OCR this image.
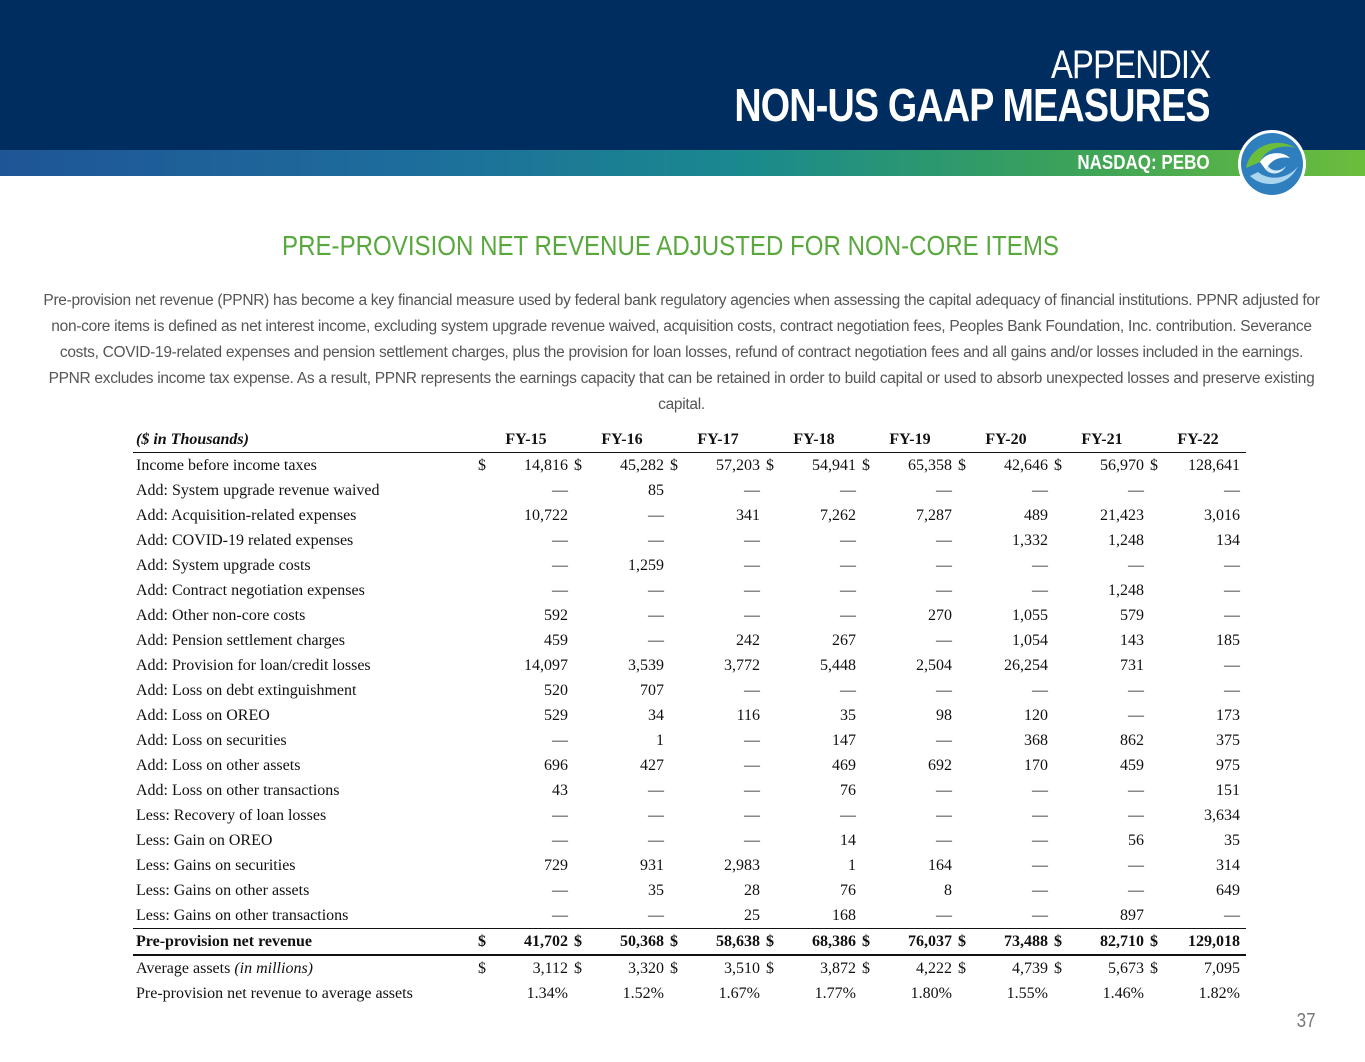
APPENDIX
NON-US GAAP MEASURES
NASDAQ: PEBO
PRE-PROVISION NET REVENUE ADJUSTED FOR NON-CORE ITEMS
Pre-provision net revenue (PPNR) has become a key financial measure used by federal bank regulatory agencies when assessing the capital adequacy of financial institutions. PPNR adjusted for non-core items is defined as net interest income, excluding system upgrade revenue waived, acquisition costs, contract negotiation fees, Peoples Bank Foundation, Inc. contribution. Severance costs, COVID-19-related expenses and pension settlement charges, plus the provision for loan losses, refund of contract negotiation fees and all gains and/or losses included in the earnings. PPNR excludes income tax expense. As a result, PPNR represents the earnings capacity that can be retained in order to build capital or used to absorb unexpected losses and preserve existing capital.
($ in Thousands)	FY-15		FY-16		FY-17		FY-18		FY-19		FY-20		FY-21		FY-22	
Income before income taxes	$	14,816	$	45,282	$	57,203	$	54,941	$	65,358	$	42,646	$	56,970	$	128,641
Add: System upgrade revenue waived		—		85		—		—		—		—		—		—
Add: Acquisition-related expenses		10,722		—		341		7,262		7,287		489		21,423		3,016
Add: COVID-19 related expenses		—		—		—		—		—		1,332		1,248		134
Add: System upgrade costs		—		1,259		—		—		—		—		—		—
Add: Contract negotiation expenses		—		—		—		—		—		—		1,248		—
Add: Other non-core costs		592		—		—		—		270		1,055		579		—
Add: Pension settlement charges		459		—		242		267		—		1,054		143		185
Add: Provision for loan/credit losses		14,097		3,539		3,772		5,448		2,504		26,254		731		—
Add: Loss on debt extinguishment		520		707		—		—		—		—		—		—
Add: Loss on OREO		529		34		116		35		98		120		—		173
Add: Loss on securities		—		1		—		147		—		368		862		375
Add: Loss on other assets		696		427		—		469		692		170		459		975
Add: Loss on other transactions		43		—		—		76		—		—		—		151
Less: Recovery of loan losses		—		—		—		—		—		—		—		3,634
Less: Gain on OREO		—		—		—		14		—		—		56		35
Less: Gains on securities		729		931		2,983		1		164		—		—		314
Less: Gains on other assets		—		35		28		76		8		—		—		649
Less: Gains on other transactions		—		—		25		168		—		—		897		—
Pre-provision net revenue	$	41,702	$	50,368	$	58,638	$	68,386	$	76,037	$	73,488	$	82,710	$	129,018
Average assets (in millions)	$	3,112	$	3,320	$	3,510	$	3,872	$	4,222	$	4,739	$	5,673	$	7,095
Pre-provision net revenue to average assets		1.34%		1.52%		1.67%		1.77%		1.80%		1.55%		1.46%		1.82%
37
